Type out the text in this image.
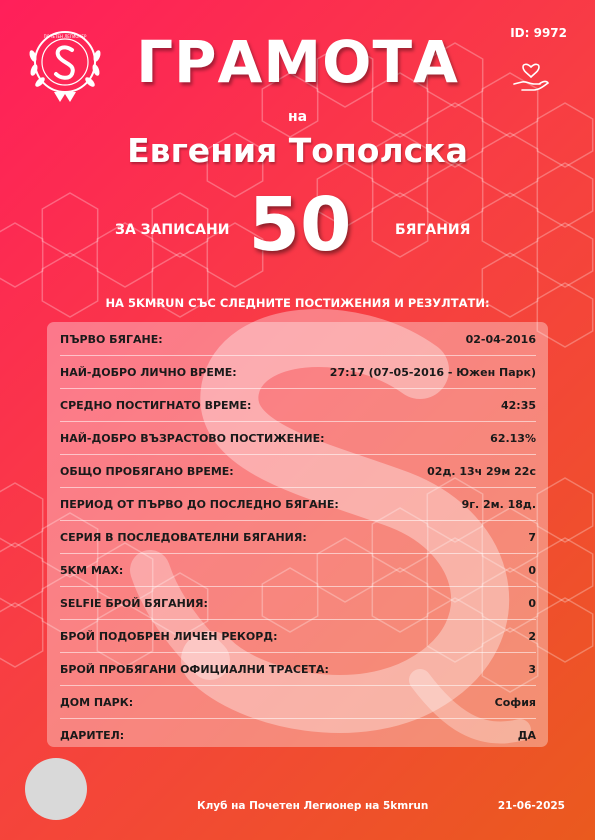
ПОЧЕТЕН ЛЕГИОНЕР	ID: 9972
ГРАМОТА
на
Евгения Тополска
ЗА ЗАПИСАНИ 50	БЯГАНИЯ
НА 5KMRUN СЪС СЛЕДНИТЕ ПОСТИЖЕНИЯ И РЕЗУЛТАТИ:
ПЪРВО БЯГАНЕ:	02-04-2016
НАЙ-ДОБРО ЛИЧНО ВРЕМЕ:	27:17 (07-05-2016 - Южен Парк)
СРЕДНО ПОСТИГНАТО ВРЕМЕ:	42:35
НАЙ-ДОБРО ВЪЗРАСТОВО ПОСТИЖЕНИЕ:	62.13%
ОБЩО ПРОБЯГАНО ВРЕМЕ:	02д. 13ч 29м 22с
ПЕРИОД ОТ ПЪРВО ДО ПОСЛЕДНО БЯГАНЕ:	9г. 2м. 18д.
СЕРИЯ В ПОСЛЕДОВАТЕЛНИ БЯГАНИЯ:	7
5KM MAX:	0
SELFIE БРОЙ БЯГАНИЯ:	0
БРОЙ ПОДОБРЕН ЛИЧЕН РЕКОРД:	2
БРОЙ ПРОБЯГАНИ ОФИЦИАЛНИ ТРАСЕТА:	3
ДОМ ПАРК:	София
ДАРИТЕЛ:	ДА
Клуб на Почетен Легионер на 5kmrun	21-06-2025
